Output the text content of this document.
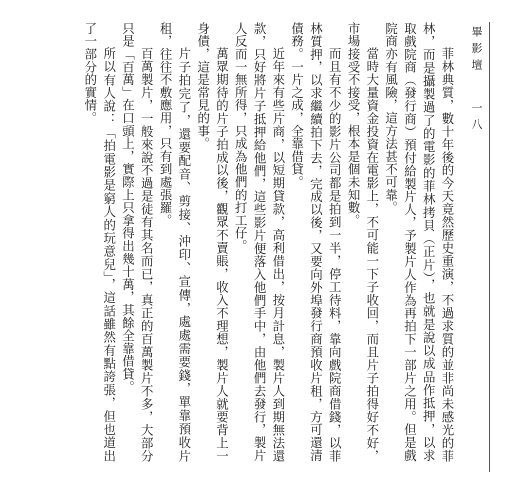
畢 影 壇 一 八

菲林典質，數十年後的今天竟然歷史重演，不過求質的並非尚未感光的菲林，而是攝製過了的電影的菲林拷貝（正片），也就是說以成品作抵押，以求取戲院商（發行商）預付給製片人，予製片人作為再拍下一部片之用。但是戲院商亦有風險，這方法甚不可靠。

當時大量資金投資在電影上，不可能一下子收回，而且片子拍得好不好，市場接受不接受，根本是個未知數。

而且有不少的影片公司都是拍到一半，停工待料，靠向戲院商借錢，以菲林質押，以求繼續拍下去，完成以後，又要向外埠發行商預收片租，方可還清債務。一片之成，全靠借貸。

近年來有些片商，以短期貸款，高利借出，按月計息，製片人到期無法還款，只好將片子抵押給他們，這些影片便落入他們手中，由他們去發行，製片人反而一無所得，只成為他們的打工仔。

萬眾期待的片子拍成以後，觀眾不賣賬，收入不理想，製片人就要背上一身債，這是常見的事。

片子拍完了，還要配音、剪接、沖印、宣傳，處處需要錢，單靠預收片租，往往不敷應用，只有到處張羅。

百萬製片，一般來說不過是徒有其名而已，真正的百萬製片不多，大部分只是「百萬」在口頭上，實際上只拿得出幾十萬，其餘全靠借貸。

所以有人說：「拍電影是窮人的玩意兒」，這話雖然有點誇張，但也道出了一部分的實情。
